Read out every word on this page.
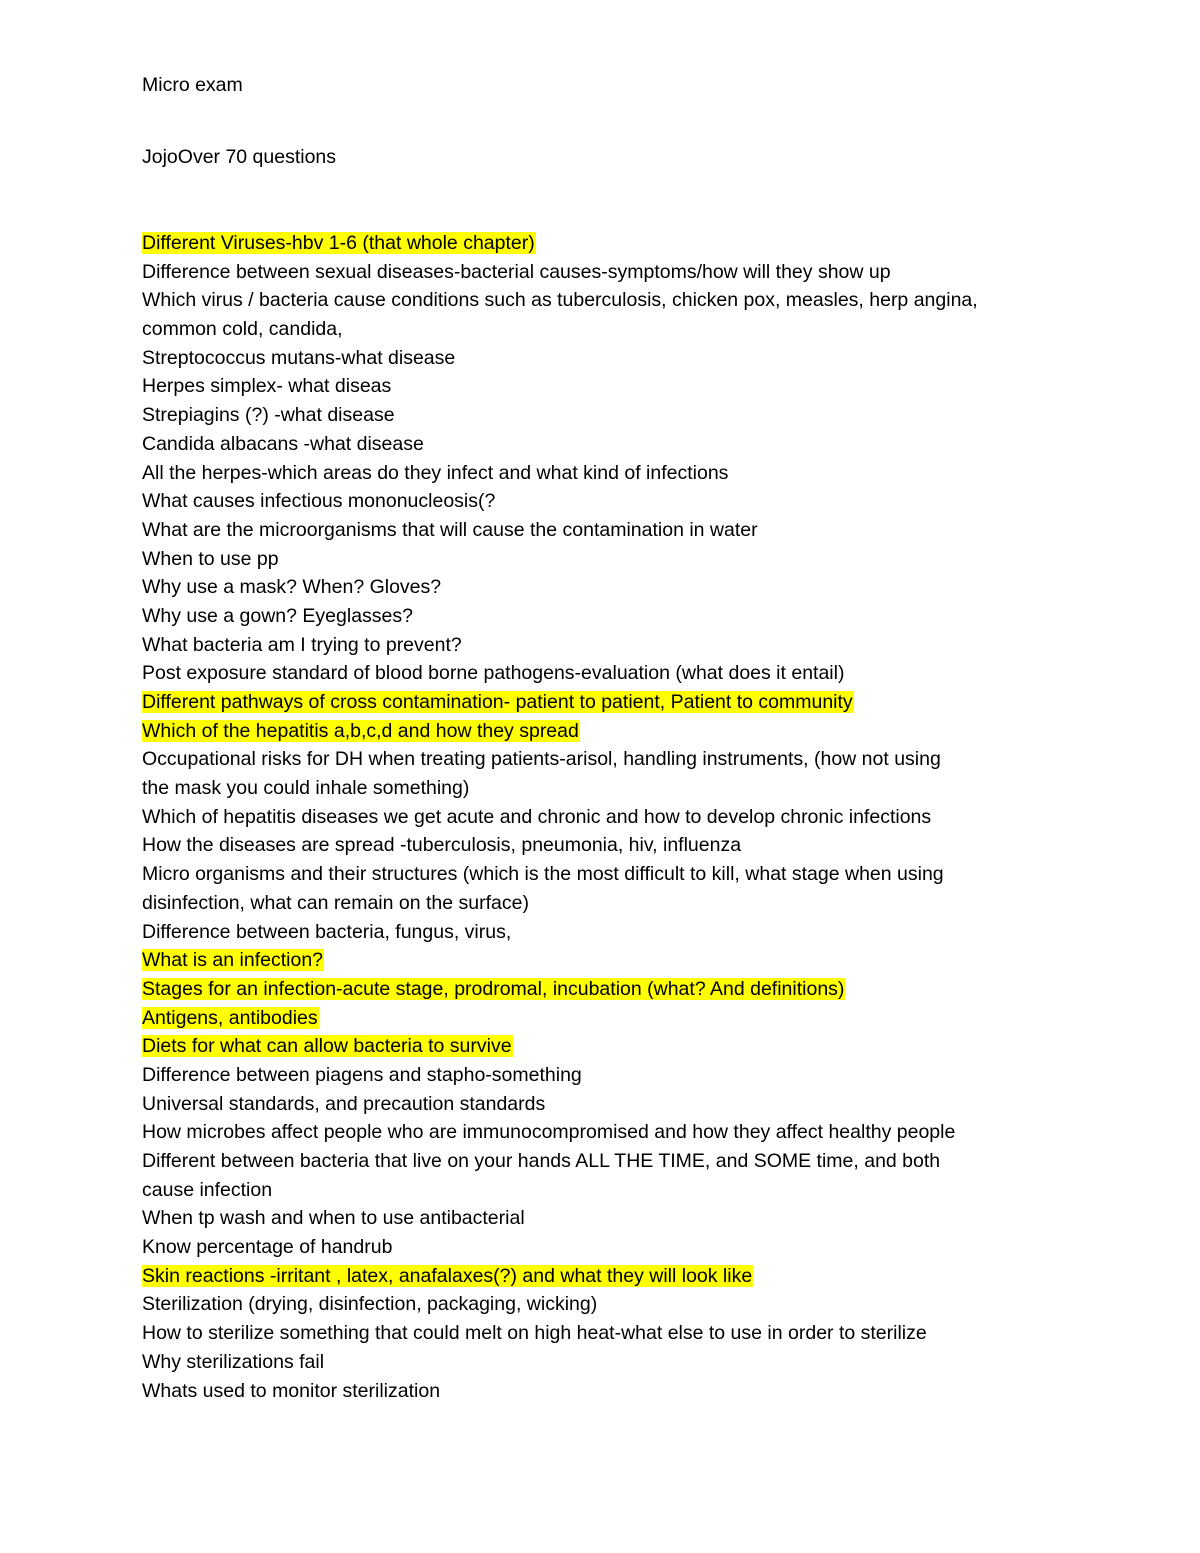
Micro exam
JojoOver 70 questions
Different Viruses-hbv 1-6 (that whole chapter)
Difference between sexual diseases-bacterial causes-symptoms/how will they show up
Which virus / bacteria cause conditions such as tuberculosis, chicken pox, measles, herp angina,
common cold, candida,
Streptococcus mutans-what disease
Herpes simplex- what diseas
Strepiagins (?) -what disease
Candida albacans -what disease
All the herpes-which areas do they infect and what kind of infections
What causes infectious mononucleosis(?
What are the microorganisms that will cause the contamination in water
When to use pp
Why use a mask? When? Gloves?
Why use a gown? Eyeglasses?
What bacteria am I trying to prevent?
Post exposure standard of blood borne pathogens-evaluation (what does it entail)
Different pathways of cross contamination- patient to patient, Patient to community
Which of the hepatitis a,b,c,d and how they spread
Occupational risks for DH when treating patients-arisol, handling instruments, (how not using
the mask you could inhale something)
Which of hepatitis diseases we get acute and chronic and how to develop chronic infections
How the diseases are spread -tuberculosis, pneumonia, hiv, influenza
Micro organisms and their structures (which is the most difficult to kill, what stage when using
disinfection, what can remain on the surface)
Difference between bacteria, fungus, virus,
What is an infection?
Stages for an infection-acute stage, prodromal, incubation (what? And definitions)
Antigens, antibodies
Diets for what can allow bacteria to survive
Difference between piagens and stapho-something
Universal standards, and precaution standards
How microbes affect people who are immunocompromised and how they affect healthy people
Different between bacteria that live on your hands ALL THE TIME, and SOME time, and both
cause infection
When tp wash and when to use antibacterial
Know percentage of handrub
Skin reactions -irritant , latex, anafalaxes(?) and what they will look like
Sterilization (drying, disinfection, packaging, wicking)
How to sterilize something that could melt on high heat-what else to use in order to sterilize
Why sterilizations fail
Whats used to monitor sterilization
